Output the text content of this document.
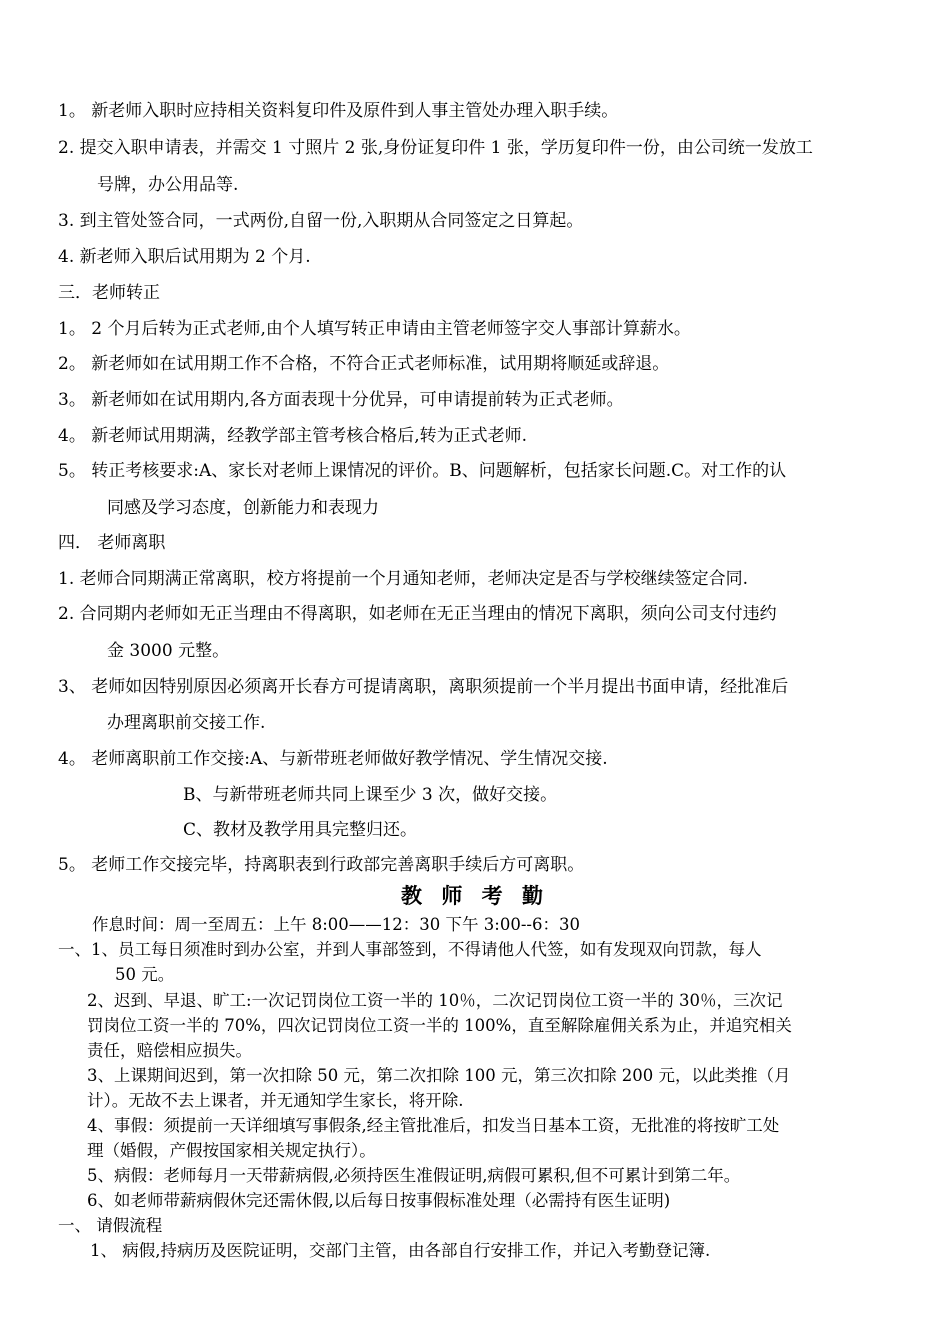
1。 新老师入职时应持相关资料复印件及原件到人事主管处办理入职手续。
2. 提交入职申请表，并需交 1 寸照片 2 张,身份证复印件 1 张，学历复印件一份，由公司统一发放工
号牌，办公用品等.
3. 到主管处签合同，一式两份,自留一份,入职期从合同签定之日算起。
4. 新老师入职后试用期为 2 个月.
三．老师转正
1。 2 个月后转为正式老师,由个人填写转正申请由主管老师签字交人事部计算薪水。
2。 新老师如在试用期工作不合格，不符合正式老师标准，试用期将顺延或辞退。
3。 新老师如在试用期内,各方面表现十分优异，可申请提前转为正式老师。
4。 新老师试用期满，经教学部主管考核合格后,转为正式老师.
5。 转正考核要求:A、家长对老师上课情况的评价。B、问题解析，包括家长问题.C。对工作的认
同感及学习态度，创新能力和表现力
四． 老师离职
1. 老师合同期满正常离职，校方将提前一个月通知老师，老师决定是否与学校继续签定合同.
2. 合同期内老师如无正当理由不得离职，如老师在无正当理由的情况下离职，须向公司支付违约
金 3000 元整。
3、 老师如因特别原因必须离开长春方可提请离职，离职须提前一个半月提出书面申请，经批准后
办理离职前交接工作.
4。 老师离职前工作交接:A、与新带班老师做好教学情况、学生情况交接.
B、与新带班老师共同上课至少 3 次，做好交接。
C、教材及教学用具完整归还。
5。 老师工作交接完毕，持离职表到行政部完善离职手续后方可离职。
教 师 考 勤
作息时间：周一至周五：上午 8:00——12：30 下午 3:00--6：30
一、1、员工每日须准时到办公室，并到人事部签到，不得请他人代签，如有发现双向罚款，每人
50 元。
2、迟到、早退、旷工:一次记罚岗位工资一半的 10％，二次记罚岗位工资一半的 30％，三次记
罚岗位工资一半的 70%，四次记罚岗位工资一半的 100%，直至解除雇佣关系为止，并追究相关
责任，赔偿相应损失。
3、上课期间迟到，第一次扣除 50 元，第二次扣除 100 元，第三次扣除 200 元，以此类推（月
计）。无故不去上课者，并无通知学生家长，将开除.
4、事假：须提前一天详细填写事假条,经主管批准后，扣发当日基本工资，无批准的将按旷工处
理（婚假，产假按国家相关规定执行）。
5、病假：老师每月一天带薪病假,必须持医生准假证明,病假可累积,但不可累计到第二年。
6、如老师带薪病假休完还需休假,以后每日按事假标准处理（必需持有医生证明)
一、 请假流程
1、 病假,持病历及医院证明，交部门主管，由各部自行安排工作，并记入考勤登记簿.
